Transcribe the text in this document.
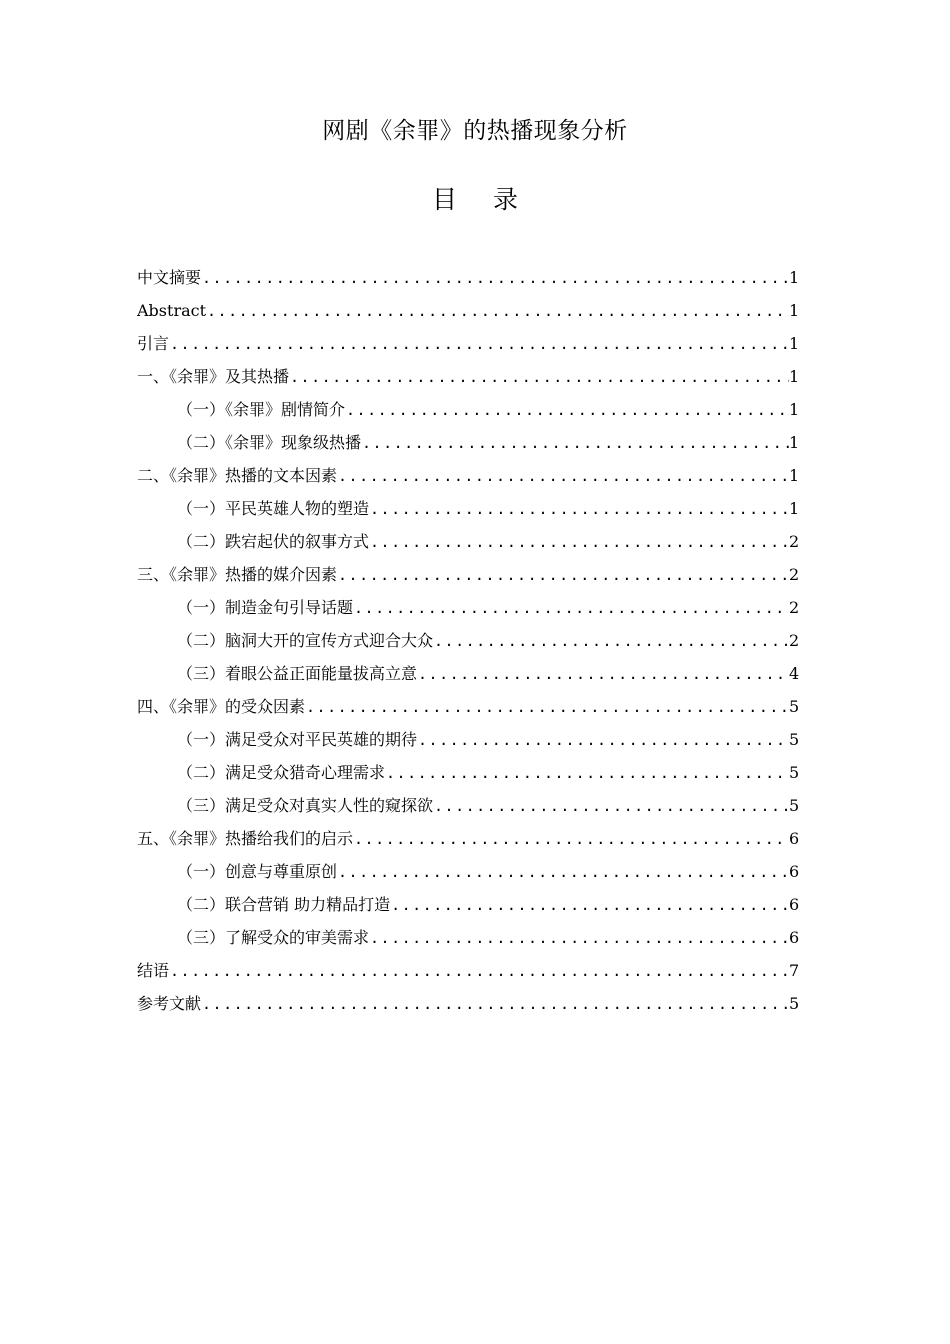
网剧《余罪》的热播现象分析
目 录
中文摘要 .....	1
Abstract .....	1
引言 .....	1
一、《余罪》及其热播 .....	1
（一）《余罪》剧情简介 .....	1
（二）《余罪》现象级热播 .....	1
二、《余罪》热播的文本因素 .....	1
（一）平民英雄人物的塑造 .....	1
（二）跌宕起伏的叙事方式 .....	2
三、《余罪》热播的媒介因素 .....	2
（一）制造金句引导话题 .....	2
（二）脑洞大开的宣传方式迎合大众 .....	2
（三）着眼公益正面能量拔高立意 .....	4
四、《余罪》的受众因素 .....	5
（一）满足受众对平民英雄的期待 .....	5
（二）满足受众猎奇心理需求 .....	5
（三）满足受众对真实人性的窥探欲 .....	5
五、《余罪》热播给我们的启示 .....	6
（一）创意与尊重原创 .....	6
（二）联合营销 助力精品打造 .....	6
（三）了解受众的审美需求 .....	6
结语 .....	7
参考文献 .....	5
